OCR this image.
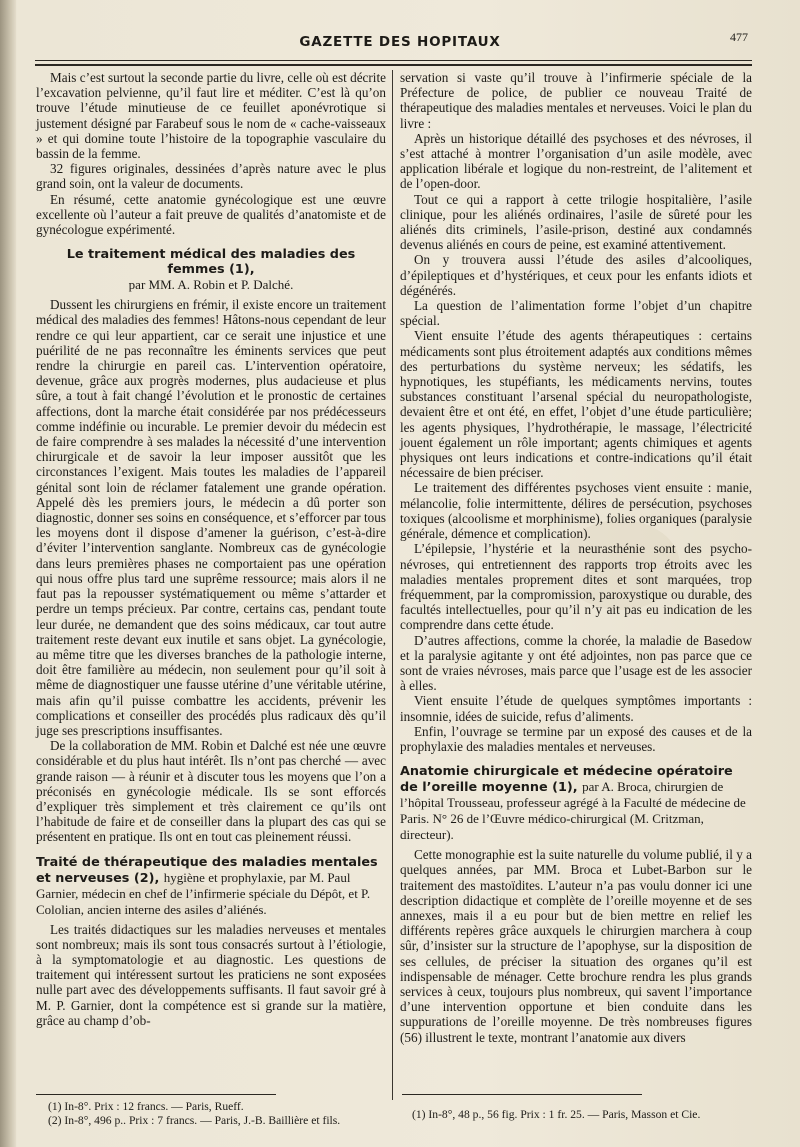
GAZETTE DES HOPITAUX	477

Mais c’est surtout la seconde partie du livre, celle où est décrite l’excavation pelvienne, qu’il faut lire et méditer. C’est là qu’on trouve l’étude minutieuse de ce feuillet aponévrotique si justement désigné par Farabeuf sous le nom de « cache-vaisseaux » et qui domine toute l’histoire de la topographie vasculaire du bassin de la femme.

32 figures originales, dessinées d’après nature avec le plus grand soin, ont la valeur de documents.

En résumé, cette anatomie gynécologique est une œuvre excellente où l’auteur a fait preuve de qualités d’anatomiste et de gynécologue expérimenté.

Le traitement médical des maladies des femmes (1),
par MM. A. Robin et P. Dalché.

Dussent les chirurgiens en frémir, il existe encore un traitement médical des maladies des femmes! Hâtons-nous cependant de leur rendre ce qui leur appartient, car ce serait une injustice et une puérilité de ne pas reconnaître les éminents services que peut rendre la chirurgie en pareil cas. L’intervention opératoire, devenue, grâce aux progrès modernes, plus audacieuse et plus sûre, a tout à fait changé l’évolution et le pronostic de certaines affections, dont la marche était considérée par nos prédécesseurs comme indéfinie ou incurable. Le premier devoir du médecin est de faire comprendre à ses malades la nécessité d’une intervention chirurgicale et de savoir la leur imposer aussitôt que les circonstances l’exigent. Mais toutes les maladies de l’appareil génital sont loin de réclamer fatalement une grande opération. Appelé dès les premiers jours, le médecin a dû porter son diagnostic, donner ses soins en conséquence, et s’efforcer par tous les moyens dont il dispose d’amener la guérison, c’est-à-dire d’éviter l’intervention sanglante. Nombreux cas de gynécologie dans leurs premières phases ne comportaient pas une opération qui nous offre plus tard une suprême ressource; mais alors il ne faut pas la repousser systématiquement ou même s’attarder et perdre un temps précieux. Par contre, certains cas, pendant toute leur durée, ne demandent que des soins médicaux, car tout autre traitement reste devant eux inutile et sans objet. La gynécologie, au même titre que les diverses branches de la pathologie interne, doit être familière au médecin, non seulement pour qu’il soit à même de diagnostiquer une fausse utérine d’une véritable utérine, mais afin qu’il puisse combattre les accidents, prévenir les complications et conseiller des procédés plus radicaux dès qu’il juge ses prescriptions insuffisantes.

De la collaboration de MM. Robin et Dalché est née une œuvre considérable et du plus haut intérêt. Ils n’ont pas cherché — avec grande raison — à réunir et à discuter tous les moyens que l’on a préconisés en gynécologie médicale. Ils se sont efforcés d’expliquer très simplement et très clairement ce qu’ils ont l’habitude de faire et de conseiller dans la plupart des cas qui se présentent en pratique. Ils ont en tout cas pleinement réussi.

Traité de thérapeutique des maladies mentales et nerveuses (2), hygiène et prophylaxie, par M. Paul Garnier, médecin en chef de l’infirmerie spéciale du Dépôt, et P. Cololian, ancien interne des asiles d’aliénés.

Les traités didactiques sur les maladies nerveuses et mentales sont nombreux; mais ils sont tous consacrés surtout à l’étiologie, à la symptomatologie et au diagnostic. Les questions de traitement qui intéressent surtout les praticiens ne sont exposées nulle part avec des développements suffisants. Il faut savoir gré à M. P. Garnier, dont la compétence est si grande sur la matière, grâce au champ d’ob-

servation si vaste qu’il trouve à l’infirmerie spéciale de la Préfecture de police, de publier ce nouveau Traité de thérapeutique des maladies mentales et nerveuses. Voici le plan du livre :

Après un historique détaillé des psychoses et des névroses, il s’est attaché à montrer l’organisation d’un asile modèle, avec application libérale et logique du non-restreint, de l’alitement et de l’open-door.

Tout ce qui a rapport à cette trilogie hospitalière, l’asile clinique, pour les aliénés ordinaires, l’asile de sûreté pour les aliénés dits criminels, l’asile-prison, destiné aux condamnés devenus aliénés en cours de peine, est examiné attentivement.

On y trouvera aussi l’étude des asiles d’alcooliques, d’épileptiques et d’hystériques, et ceux pour les enfants idiots et dégénérés.

La question de l’alimentation forme l’objet d’un chapitre spécial.

Vient ensuite l’étude des agents thérapeutiques : certains médicaments sont plus étroitement adaptés aux conditions mêmes des perturbations du système nerveux; les sédatifs, les hypnotiques, les stupéfiants, les médicaments nervins, toutes substances constituant l’arsenal spécial du neuropathologiste, devaient être et ont été, en effet, l’objet d’une étude particulière; les agents physiques, l’hydrothérapie, le massage, l’électricité jouent également un rôle important; agents chimiques et agents physiques ont leurs indications et contre-indications qu’il était nécessaire de bien préciser.

Le traitement des différentes psychoses vient ensuite : manie, mélancolie, folie intermittente, délires de persécution, psychoses toxiques (alcoolisme et morphinisme), folies organiques (paralysie générale, démence et complication).

L’épilepsie, l’hystérie et la neurasthénie sont des psycho-névroses, qui entretiennent des rapports trop étroits avec les maladies mentales proprement dites et sont marquées, trop fréquemment, par la compromission, paroxystique ou durable, des facultés intellectuelles, pour qu’il n’y ait pas eu indication de les comprendre dans cette étude.

D’autres affections, comme la chorée, la maladie de Basedow et la paralysie agitante y ont été adjointes, non pas parce que ce sont de vraies névroses, mais parce que l’usage est de les associer à elles.

Vient ensuite l’étude de quelques symptômes importants : insomnie, idées de suicide, refus d’aliments.

Enfin, l’ouvrage se termine par un exposé des causes et de la prophylaxie des maladies mentales et nerveuses.

Anatomie chirurgicale et médecine opératoire de l’oreille moyenne (1), par A. Broca, chirurgien de l’hôpital Trousseau, professeur agrégé à la Faculté de médecine de Paris. N° 26 de l’Œuvre médico-chirurgical (M. Critzman, directeur).

Cette monographie est la suite naturelle du volume publié, il y a quelques années, par MM. Broca et Lubet-Barbon sur le traitement des mastoïdites. L’auteur n’a pas voulu donner ici une description didactique et complète de l’oreille moyenne et de ses annexes, mais il a eu pour but de bien mettre en relief les différents repères grâce auxquels le chirurgien marchera à coup sûr, d’insister sur la structure de l’apophyse, sur la disposition de ses cellules, de préciser la situation des organes qu’il est indispensable de ménager. Cette brochure rendra les plus grands services à ceux, toujours plus nombreux, qui savent l’importance d’une intervention opportune et bien conduite dans les suppurations de l’oreille moyenne. De très nombreuses figures (56) illustrent le texte, montrant l’anatomie aux divers

(1) In-8°. Prix : 12 francs. — Paris, Rueff.
(2) In-8°, 496 p.. Prix : 7 francs. — Paris, J.-B. Baillière et fils.	(1) In-8°, 48 p., 56 fig. Prix : 1 fr. 25. — Paris, Masson et Cie.
